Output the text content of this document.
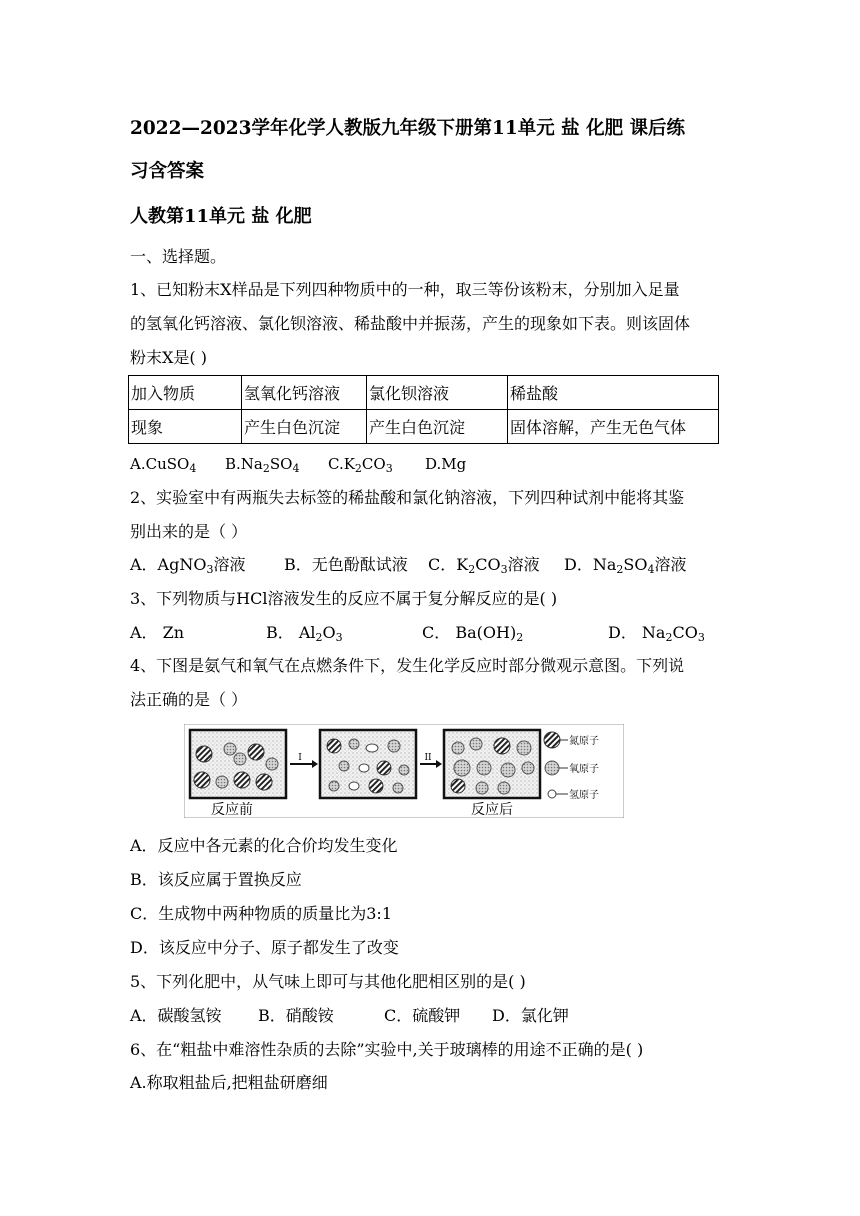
2022—2023学年化学人教版九年级下册第11单元 盐 化肥 课后练
习含答案
人教第11单元 盐 化肥
一、选择题。
1、已知粉末X样品是下列四种物质中的一种，取三等份该粉末，分别加入足量
的氢氧化钙溶液、氯化钡溶液、稀盐酸中并振荡，产生的现象如下表。则该固体
粉末X是( )
加入物质	氢氧化钙溶液	氯化钡溶液	稀盐酸
现象	产生白色沉淀	产生白色沉淀	固体溶解，产生无色气体
A.CuSO$_4$ $B.Na_2SO_4$ $C.K_2CO_3$ D.Mg
2、实验室中有两瓶失去标签的稀盐酸和氯化钠溶液，下列四种试剂中能将其鉴
别出来的是（ ）
A．AgNO$_3$溶液 B．无色酚酞试液 C．$K_2CO_3$溶液 D．$Na_2SO_4$溶液
3、下列物质与HCl溶液发生的反应不属于复分解反应的是( )
A． Zn	B． $Al_2O_3$	C． $Ba(OH)_2$	D． $Na_2CO_3$
4、下图是氨气和氧气在点燃条件下，发生化学反应时部分微观示意图。下列说
法正确的是（ ）
I	II
氮原子
氧原子
氢原子
反应前	反应后
A．反应中各元素的化合价均发生变化
B．该反应属于置换反应
C．生成物中两种物质的质量比为3:1
D．该反应中分子、原子都发生了改变
5、下列化肥中，从气味上即可与其他化肥相区别的是( )
A．碳酸氢铵 B．硝酸铵	C．硫酸钾 D．氯化钾
6、在“粗盐中难溶性杂质的去除”实验中,关于玻璃棒的用途不正确的是( )
A.称取粗盐后,把粗盐研磨细
